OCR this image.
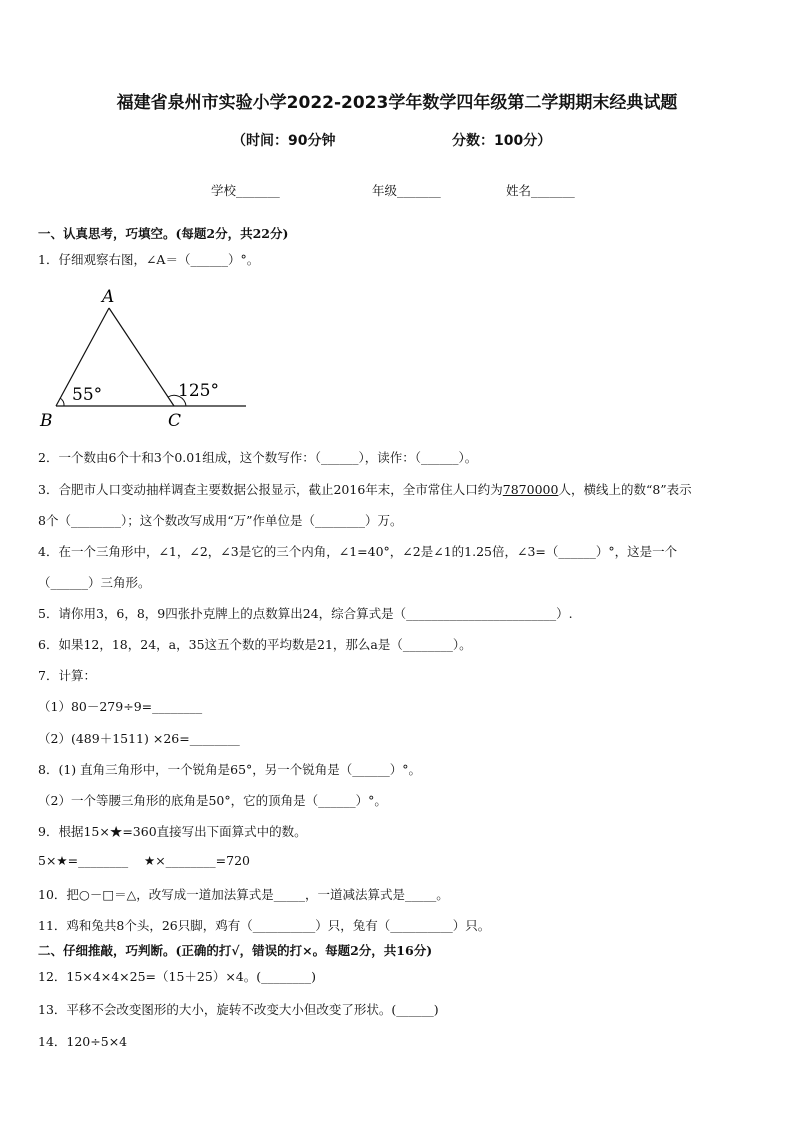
福建省泉州市实验小学2022-2023学年数学四年级第二学期期末经典试题
（时间：90分钟	分数：100分）
学校_______	年级_______	姓名_______
一、认真思考，巧填空。(每题2分，共22分)
1．仔细观察右图，∠A＝（______）°。
A
B	C
55°	125°
2．一个数由6个十和3个0.01组成，这个数写作：（______），读作：（______）。
3．合肥市人口变动抽样调查主要数据公报显示，截止2016年末，全市常住人口约为7870000人，横线上的数“8”表示
8个（________）；这个数改写成用“万”作单位是（________）万。
4．在一个三角形中，∠1，∠2，∠3是它的三个内角，∠1=40°，∠2是∠1的1.25倍，∠3=（______）°，这是一个
（______）三角形。
5．请你用3，6，8，9四张扑克牌上的点数算出24，综合算式是（________________________）.
6．如果12，18，24，a，35这五个数的平均数是21，那么a是（________）。
7．计算：
（1）80－279÷9=________
（2）(489＋1511) ×26=________
8．(1) 直角三角形中，一个锐角是65°，另一个锐角是（______）°。
（2）一个等腰三角形的底角是50°，它的顶角是（______）°。
9．根据15×★=360直接写出下面算式中的数。
5×★=________    ★×________=720
10．把○－□＝△，改写成一道加法算式是_____，一道减法算式是_____。
11．鸡和兔共8个头，26只脚，鸡有（__________）只，兔有（__________）只。
二、仔细推敲，巧判断。(正确的打√，错误的打×。每题2分，共16分)
12．15×4×4×25=（15＋25）×4。(________)
13．平移不会改变图形的大小，旋转不改变大小但改变了形状。(______)
14．120÷5×4
